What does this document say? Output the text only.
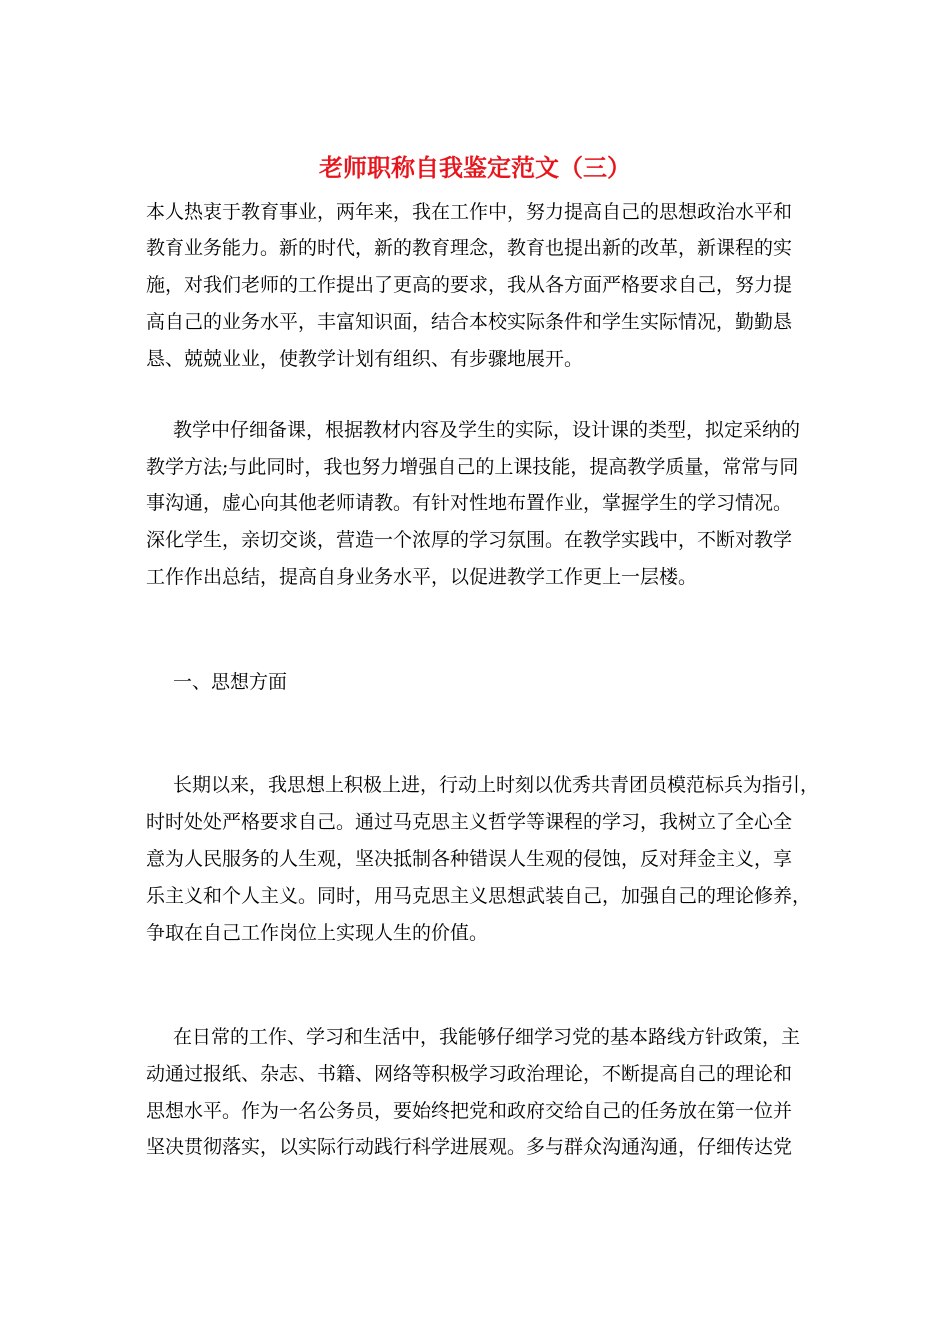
老师职称自我鉴定范文（三）

本人热衷于教育事业，两年来，我在工作中，努力提高自己的思想政治水平和

教育业务能力。新的时代，新的教育理念，教育也提出新的改革，新课程的实

施，对我们老师的工作提出了更高的要求，我从各方面严格要求自己，努力提

高自己的业务水平，丰富知识面，结合本校实际条件和学生实际情况，勤勤恳

恳、兢兢业业，使教学计划有组织、有步骤地展开。

教学中仔细备课，根据教材内容及学生的实际，设计课的类型，拟定采纳的

教学方法;与此同时，我也努力增强自己的上课技能，提高教学质量，常常与同

事沟通，虚心向其他老师请教。有针对性地布置作业，掌握学生的学习情况。

深化学生，亲切交谈，营造一个浓厚的学习氛围。在教学实践中，不断对教学

工作作出总结，提高自身业务水平，以促进教学工作更上一层楼。

一、思想方面

长期以来，我思想上积极上进，行动上时刻以优秀共青团员模范标兵为指引，

时时处处严格要求自己。通过马克思主义哲学等课程的学习，我树立了全心全

意为人民服务的人生观，坚决抵制各种错误人生观的侵蚀，反对拜金主义，享

乐主义和个人主义。同时，用马克思主义思想武装自己，加强自己的理论修养，

争取在自己工作岗位上实现人生的价值。

在日常的工作、学习和生活中，我能够仔细学习党的基本路线方针政策，主

动通过报纸、杂志、书籍、网络等积极学习政治理论，不断提高自己的理论和

思想水平。作为一名公务员，要始终把党和政府交给自己的任务放在第一位并

坚决贯彻落实，以实际行动践行科学进展观。多与群众沟通沟通，仔细传达党
